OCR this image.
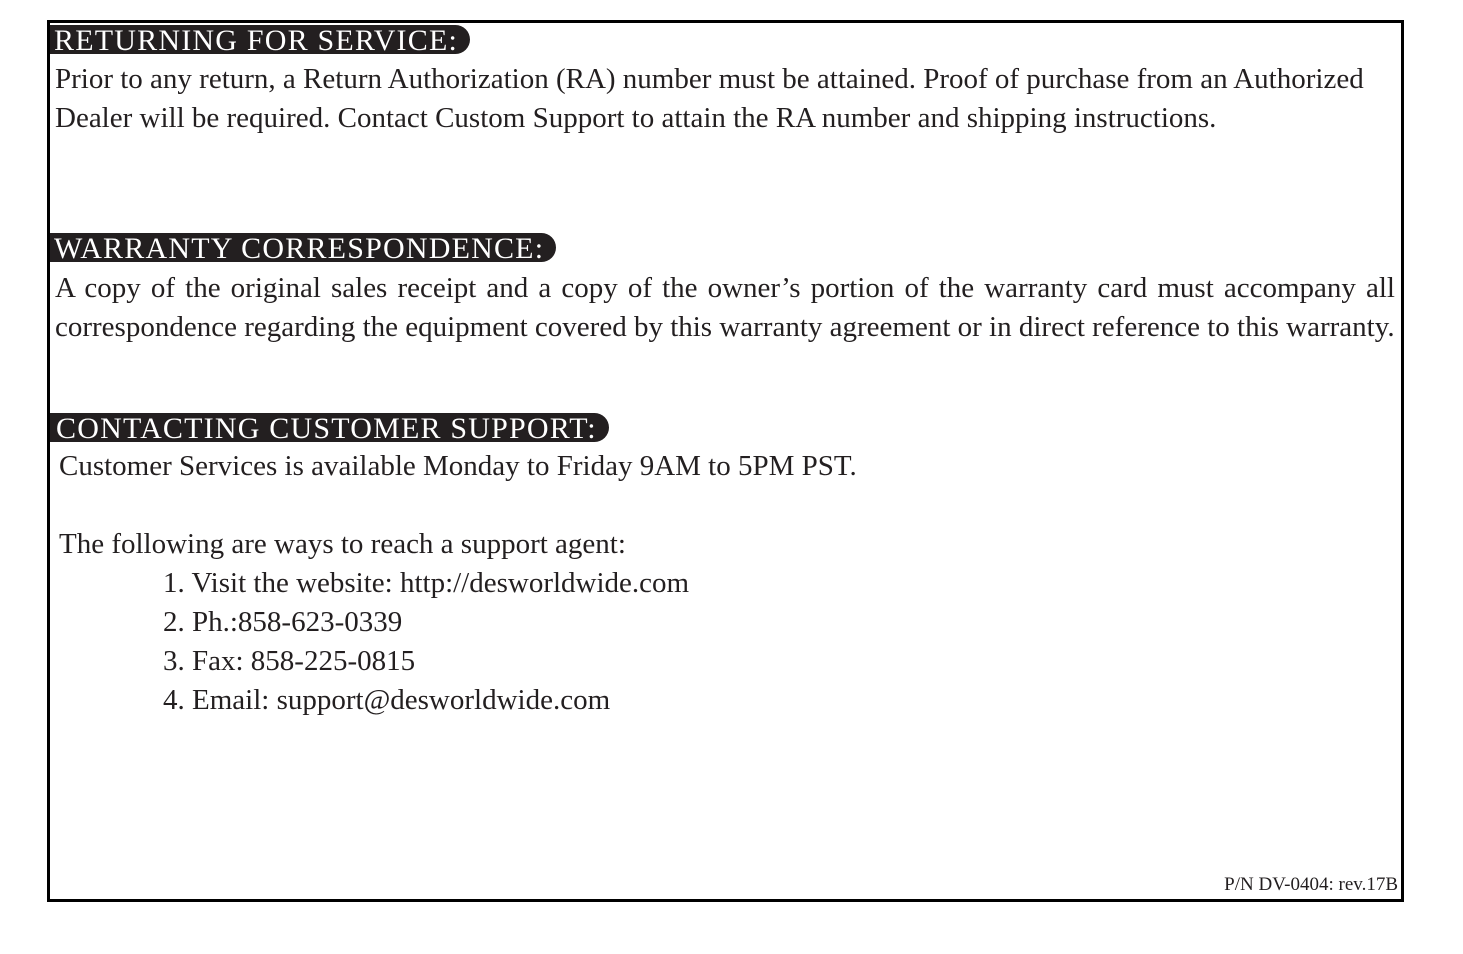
RETURNING FOR SERVICE:

Prior to any return, a Return Authorization (RA) number must be attained. Proof of purchase from an Authorized Dealer will be required. Contact Custom Support to attain the RA number and shipping instructions.

WARRANTY CORRESPONDENCE:

A copy of the original sales receipt and a copy of the owner’s portion of the warranty card must accompany all correspondence regarding the equipment covered by this warranty agreement or in direct reference to this warranty.

CONTACTING CUSTOMER SUPPORT:
Customer Services is available Monday to Friday 9AM to 5PM PST.
The following are ways to reach a support agent:
1. Visit the website: http://desworldwide.com
2. Ph.:858-623-0339
3. Fax: 858-225-0815
4. Email: support@desworldwide.com
P/N DV-0404: rev.17B
